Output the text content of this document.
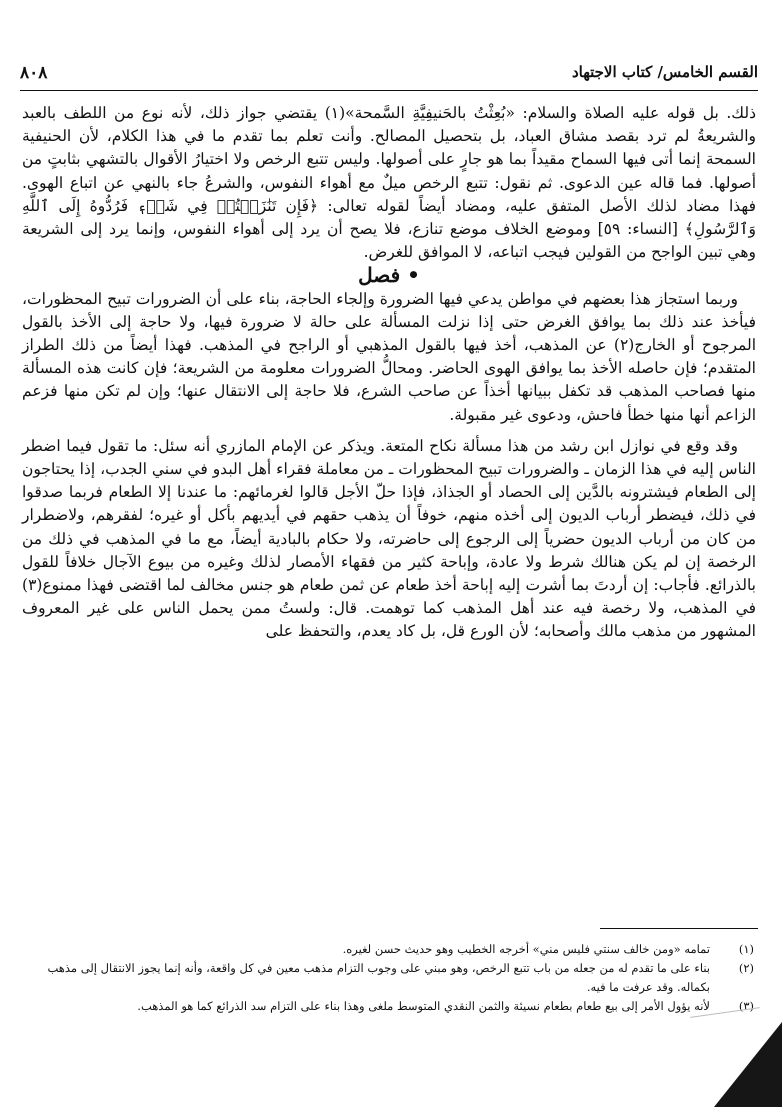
القسم الخامس/ كتاب الاجتهاد
٨٠٨

ذلك. بل قوله عليه الصلاة والسلام: «بُعِثْتُ بالحَنيفِيَّةِ السَّمحة»(١) يقتضي جواز ذلك، لأنه نوع من اللطف بالعبد والشريعةُ لم ترد بقصد مشاق العباد، بل بتحصيل المصالح. وأنت تعلم بما تقدم ما في هذا الكلام، لأن الحنيفية السمحة إنما أتى فيها السماح مقيداً بما هو جارٍ على أصولها. وليس تتبع الرخص ولا اختيارُ الأقوال بالتشهي بثابتٍ من أصولها. فما قاله عين الدعوى. ثم نقول: تتبع الرخص ميلٌ مع أهواء النفوس، والشرعُ جاء بالنهي عن اتباع الهوى. فهذا مضاد لذلك الأصل المتفق عليه، ومضاد أيضاً لقوله تعالى: ﴿فَإِن تَنَٰزَعۡتُمۡ فِي شَيۡءٖ فَرُدُّوهُ إِلَى ٱللَّهِ وَٱلرَّسُولِ﴾ [النساء: ٥٩] وموضع الخلاف موضع تنازع، فلا يصح أن يرد إلى أهواء النفوس، وإنما يرد إلى الشريعة وهي تبين الواجح من القولين فيجب اتباعه، لا الموافق للغرض.

• فصل

وربما استجاز هذا بعضهم في مواطن يدعي فيها الضرورة وإلجاء الحاجة، بناء على أن الضرورات تبيح المحظورات، فيأخذ عند ذلك بما يوافق الغرض حتى إذا نزلت المسألة على حالة لا ضرورة فيها، ولا حاجة إلى الأخذ بالقول المرجوح أو الخارج(٢) عن المذهب، أخذ فيها بالقول المذهبي أو الراجح في المذهب. فهذا أيضاً من ذلك الطراز المتقدم؛ فإن حاصله الأخذ بما يوافق الهوى الحاضر. ومحالُّ الضرورات معلومة من الشريعة؛ فإن كانت هذه المسألة منها فصاحب المذهب قد تكفل ببيانها أخذاً عن صاحب الشرع، فلا حاجة إلى الانتقال عنها؛ وإن لم تكن منها فزعم الزاعم أنها منها خطأ فاحش، ودعوى غير مقبولة.

وقد وقع في نوازل ابن رشد من هذا مسألة نكاح المتعة. ويذكر عن الإمام المازري أنه سئل: ما تقول فيما اضطر الناس إليه في هذا الزمان ـ والضرورات تبيح المحظورات ـ من معاملة فقراء أهل البدو في سني الجدب، إذا يحتاجون إلى الطعام فيشترونه بالدَّين إلى الحصاد أو الجذاذ، فإذا حلّ الأجل قالوا لغرمائهم: ما عندنا إلا الطعام فربما صدقوا في ذلك، فيضطر أرباب الديون إلى أخذه منهم، خوفاً أن يذهب حقهم في أيديهم بأكل أو غيره؛ لفقرهم، ولاضطرار من كان من أرباب الديون حضرياً إلى الرجوع إلى حاضرته، ولا حكام بالبادية أيضاً، مع ما في المذهب في ذلك من الرخصة إن لم يكن هنالك شرط ولا عادة، وإباحة كثير من فقهاء الأمصار لذلك وغيره من بيوع الآجال خلافاً للقول بالذرائع. فأجاب: إن أردتَ بما أشرت إليه إباحة أخذ طعام عن ثمن طعام هو جنس مخالف لما اقتضى فهذا ممنوع(٣) في المذهب، ولا رخصة فيه عند أهل المذهب كما توهمت. قال: ولستُ ممن يحمل الناس على غير المعروف المشهور من مذهب مالك وأصحابه؛ لأن الورع قل، بل كاد يعدم، والتحفظ على

(١)
تمامه «ومن خالف سنتي فليس مني» أخرجه الخطيب وهو حديث حسن لغيره.
(٢)
بناء على ما تقدم له من جعله من باب تتبع الرخص، وهو مبني على وجوب التزام مذهب معين في كل واقعة، وأنه إنما يجوز الانتقال إلى مذهب بكماله. وقد عرفت ما فيه.
(٣)
لأنه يؤول الأمر إلى بيع طعام بطعام نسيئة والثمن النقدي المتوسط ملغى وهذا بناء على التزام سد الذرائع كما هو المذهب.
